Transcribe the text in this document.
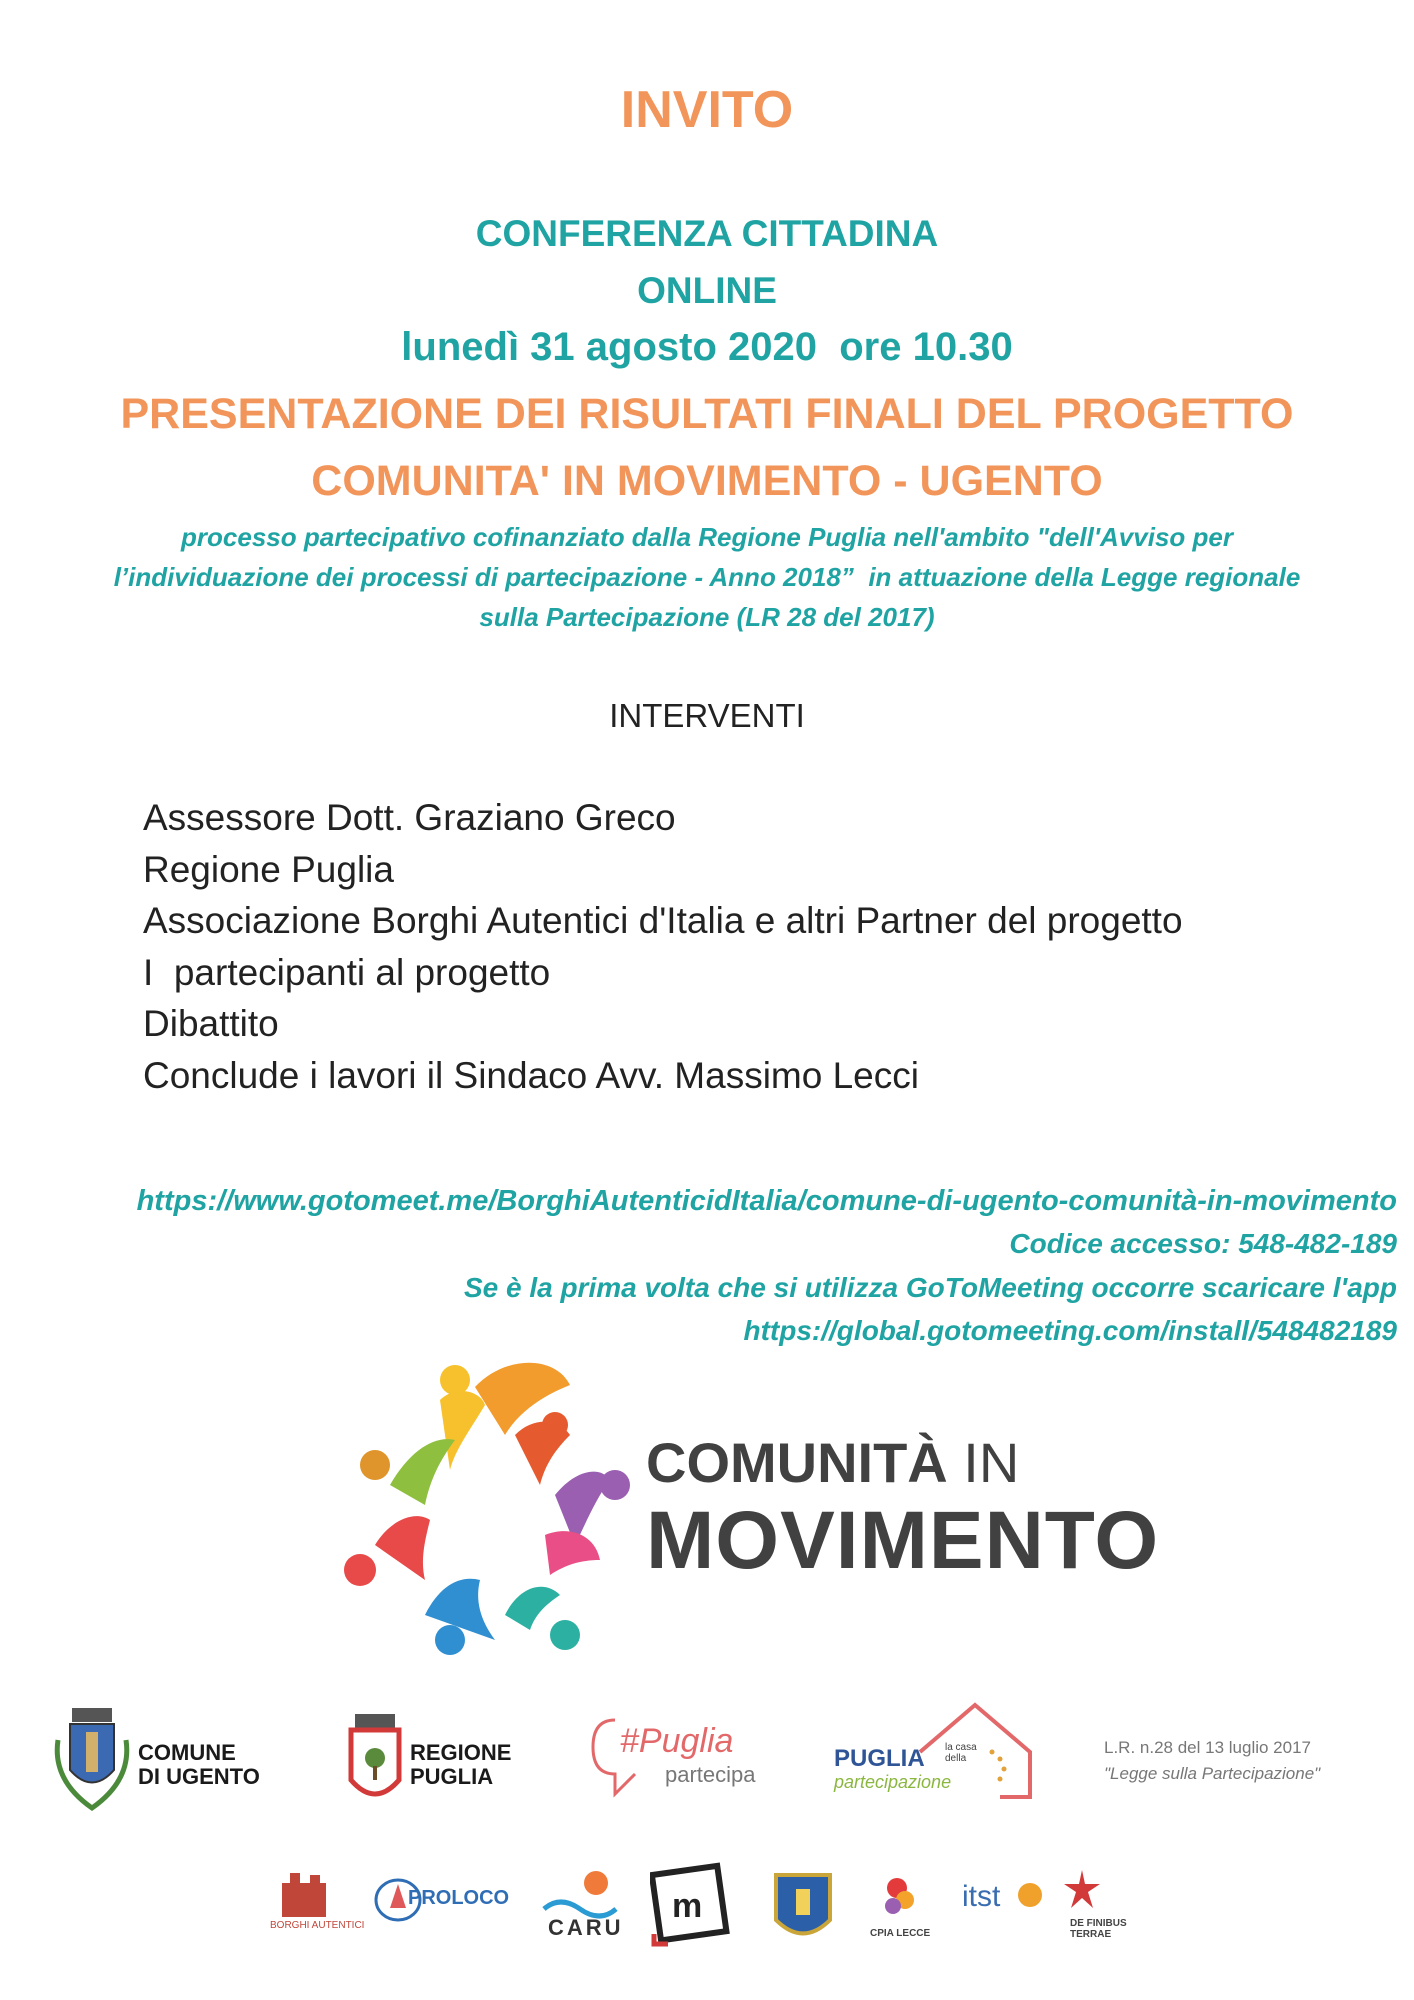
INVITO
CONFERENZA CITTADINA
ONLINE
lunedì 31 agosto 2020  ore 10.30
PRESENTAZIONE DEI RISULTATI FINALI DEL PROGETTO
COMUNITA' IN MOVIMENTO - UGENTO
processo partecipativo cofinanziato dalla Regione Puglia nell'ambito "dell'Avviso per
l’individuazione dei processi di partecipazione - Anno 2018”  in attuazione della Legge regionale
sulla Partecipazione (LR 28 del 2017)
INTERVENTI
Assessore Dott. Graziano Greco
Regione Puglia
Associazione Borghi Autentici d'Italia e altri Partner del progetto
I  partecipanti al progetto
Dibattito
Conclude i lavori il Sindaco Avv. Massimo Lecci
https://www.gotomeet.me/BorghiAutenticidItalia/comune-di-ugento-comunità-in-movimento
Codice accesso: 548-482-189
Se è la prima volta che si utilizza GoToMeeting occorre scaricare l'app
https://global.gotomeeting.com/install/548482189
COMUNITÀ IN
MOVIMENTO
COMUNE
DI UGENTO
REGIONE
PUGLIA
#Puglia
partecipa
PUGLIA la casa
della
partecipazione
L.R. n.28 del 13 luglio 2017
"Legge sulla Partecipazione"
BORGHI AUTENTICI
PROLOCO
CARU
m
CPIA LECCE
itst
DE FINIBUS TERRAE
